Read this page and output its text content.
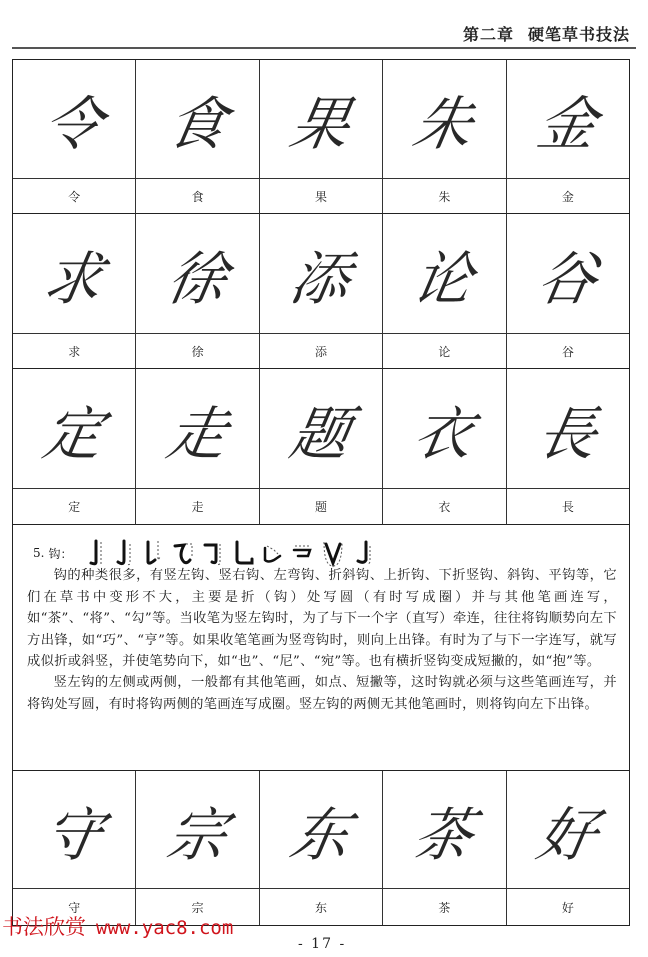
第二章 硬笔草书技法
令 食 果 朱 金
令	食	果	朱	金
求 徐 添 论 谷
求	徐	添	论	谷
定 走 题 衣 長
定	走	题	衣	長
5. 钩：

钩的种类很多，有竖左钩、竖右钩、左弯钩、折斜钩、上折钩、下折竖钩、斜钩、平钩等，它们在草书中变形不大，主要是折（钩）处写圆（有时写成圈）并与其他笔画连写，如“茶”、“将”、“勾”等。当收笔为竖左钩时，为了与下一个字（直写）牵连，往往将钩顺势向左下方出锋，如“巧”、“亨”等。如果收笔笔画为竖弯钩时，则向上出锋。有时为了与下一字连写，就写成似折或斜竖，并使笔势向下，如“也”、“尼”、“宛”等。也有横折竖钩变成短撇的，如“抱”等。

竖左钩的左侧或两侧，一般都有其他笔画，如点、短撇等，这时钩就必须与这些笔画连写，并将钩处写圆，有时将钩两侧的笔画连写成圈。竖左钩的两侧无其他笔画时，则将钩向左下出锋。

守 宗 东 茶 好
守	宗	东	茶	好
书法欣赏 www.yac8.com
- 17 -
